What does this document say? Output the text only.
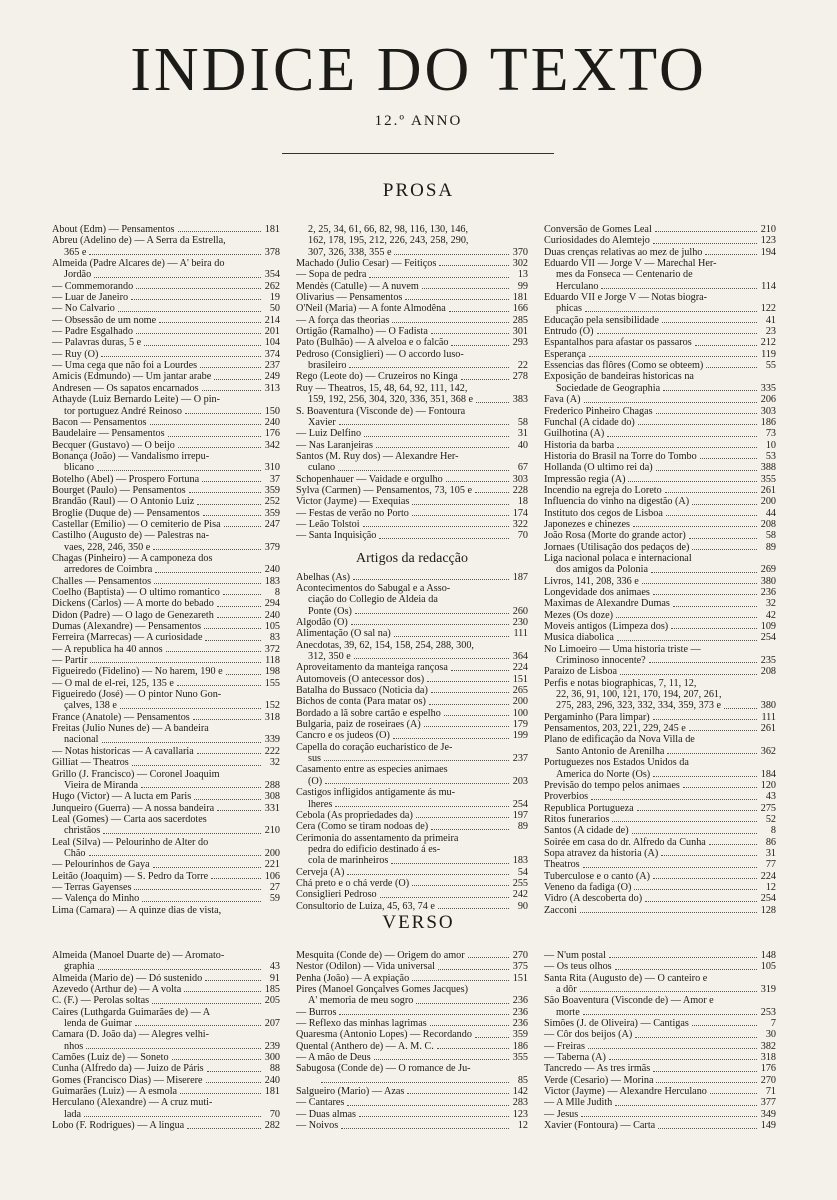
INDICE DO TEXTO
12.º ANNO
PROSA
About (Edm) — Pensamentos	181
Abreu (Adelino de) — A Serra da Estrella,
365 e	378
Almeida (Padre Alcares de) — A' beira do
Jordão	354
— Commemorando	262
— Luar de Janeiro	19
— No Calvario	50
— Obsessão de um nome	214
— Padre Esgalhado	201
— Palavras duras, 5 e	104
— Ruy (O)	374
— Uma cega que não foi a Lourdes	237
Amicis (Edmundo) — Um jantar arabe	249
Andresen — Os sapatos encarnados	313
Athayde (Luiz Bernardo Leite) — O pin-
tor portuguez André Reinoso	150
Bacon — Pensamentos	240
Baudelaire — Pensamentos	176
Becquer (Gustavo) — O beijo	342
Bonança (João) — Vandalismo irrepu-
blicano	310
Botelho (Abel) — Prospero Fortuna	37
Bourget (Paulo) — Pensamentos	359
Brandão (Raul) — O Antonio Luiz	252
Broglie (Duque de) — Pensamentos	359
Castellar (Emilio) — O cemiterio de Pisa	247
Castilho (Augusto de) — Palestras na-
vaes, 228, 246, 350 e	379
Chagas (Pinheiro) — A camponeza dos
arredores de Coimbra	240
Challes — Pensamentos	183
Coelho (Baptista) — O ultimo romantico	8
Dickens (Carlos) — A morte do bebado	294
Didon (Padre) — O lago de Genezareth	240
Dumas (Alexandre) — Pensamentos	105
Ferreira (Marrecas) — A curiosidade	83
— A republica ha 40 annos	372
— Partir	118
Figueiredo (Fidelino) — No harem, 190 e	198
— O mal de el-rei, 125, 135 e	155
Figueiredo (José) — O pintor Nuno Gon-
çalves, 138 e	152
France (Anatole) — Pensamentos	318
Freitas (Julio Nunes de) — A bandeira
nacional	339
— Notas historicas — A cavallaria	222
Gilliat — Theatros	32
Grillo (J. Francisco) — Coronel Joaquim
Vieira de Miranda	288
Hugo (Victor) — A lucta em Paris	308
Junqueiro (Guerra) — A nossa bandeira	331
Leal (Gomes) — Carta aos sacerdotes
christãos	210
Leal (Silva) — Pelourinho de Alter do
Chão	200
— Pelourinhos de Gaya	221
Leitão (Joaquim) — S. Pedro da Torre	106
— Terras Gayenses	27
— Valença do Minho	59
Lima (Camara) — A quinze dias de vista,
2, 25, 34, 61, 66, 82, 98, 116, 130, 146,
162, 178, 195, 212, 226, 243, 258, 290,
307, 326, 338, 355 e	370
Machado (Julio Cesar) — Feitiços	302
— Sopa de pedra	13
Mendès (Catulle) — A nuvem	99
Olivarius — Pensamentos	181
O'Neil (Maria) — A fonte Almodêna	166
— A força das theorias	285
Ortigão (Ramalho) — O Fadista	301
Pato (Bulhão) — A alveloa e o falcão	293
Pedroso (Consiglieri) — O accordo luso-
brasileiro	22
Rego (Leote do) — Cruzeiros no Kinga	278
Ruy — Theatros, 15, 48, 64, 92, 111, 142,
159, 192, 256, 304, 320, 336, 351, 368 e	383
S. Boaventura (Visconde de) — Fontoura
Xavier	58
— Luiz Delfino	31
— Nas Laranjeiras	40
Santos (M. Ruy dos) — Alexandre Her-
culano	67
Schopenhauer — Vaidade e orgulho	303
Sylva (Carmen) — Pensamentos, 73, 105 e	228
Victor (Jayme) — Exequias	18
— Festas de verão no Porto	174
— Leão Tolstoi	322
— Santa Inquisição	70
Artigos da redacção
Abelhas (As)	187
Acontecimentos do Sabugal e a Asso-
ciação do Collegio de Aldeia da
Ponte (Os)	260
Algodão (O)	230
Alimentação (O sal na)	111
Anecdotas, 39, 62, 154, 158, 254, 288, 300,
312, 350 e	364
Aproveitamento da manteiga rançosa	224
Automoveis (O antecessor dos)	151
Batalha do Bussaco (Noticia da)	265
Bichos de conta (Para matar os)	200
Bordado a lã sobre cartão e espelho	100
Bulgaria, paiz de roseiraes (A)	179
Cancro e os judeos (O)	199
Capella do coração eucharistico de Je-
sus	237
Casamento entre as especies animaes
(O)	203
Castigos infligidos antigamente ás mu-
lheres	254
Cebola (As propriedades da)	197
Cera (Como se tiram nodoas de)	89
Cerimonia do assentamento da primeira
pedra do edificio destinado á es-
cola de marinheiros	183
Cerveja (A)	54
Chá preto e o chá verde (O)	255
Consiglieri Pedroso	242
Consultorio de Luiza, 45, 63, 74 e	90
Conversão de Gomes Leal	210
Curiosidades do Alemtejo	123
Duas crenças relativas ao mez de julho	194
Eduardo VII — Jorge V — Marechal Her-
mes da Fonseca — Centenario de
Herculano	114
Eduardo VII e Jorge V — Notas biogra-
phicas	122
Educação pela sensibilidade	41
Entrudo (O)	23
Espantalhos para afastar os passaros	212
Esperança	119
Essencias das flôres (Como se obteem)	55
Exposição de bandeiras historicas na
Sociedade de Geographia	335
Fava (A)	206
Frederico Pinheiro Chagas	303
Funchal (A cidade do)	186
Guilhotina (A)	73
Historia da barba	10
Historia do Brasil na Torre do Tombo	53
Hollanda (O ultimo rei da)	388
Impressão regia (A)	355
Incendio na egreja do Loreto	261
Influencia do vinho na digestão (A)	200
Instituto dos cegos de Lisboa	44
Japonezes e chinezes	208
João Rosa (Morte do grande actor)	58
Jornaes (Utilisação dos pedaços de)	89
Liga nacional polaca e internacional
dos amigos da Polonia	269
Livros, 141, 208, 336 e	380
Longevidade dos animaes	236
Maximas de Alexandre Dumas	32
Mezes (Os doze)	42
Moveis antigos (Limpeza dos)	109
Musica diabolica	254
No Limoeiro — Uma historia triste —
Criminoso innocente?	235
Paraizo de Lisboa	208
Perfis e notas biographicas, 7, 11, 12,
22, 36, 91, 100, 121, 170, 194, 207, 261,
275, 283, 296, 323, 332, 334, 359, 373 e	380
Pergaminho (Para limpar)	111
Pensamentos, 203, 221, 229, 245 e	261
Plano de edificação da Nova Villa de
Santo Antonio de Arenilha	362
Portuguezes nos Estados Unidos da
America do Norte (Os)	184
Previsão do tempo pelos animaes	120
Proverbios	43
Republica Portugueza	275
Ritos funerarios	52
Santos (A cidade de)	8
Soirée em casa do dr. Alfredo da Cunha	86
Sopa atravez da historia (A)	31
Theatros	77
Tuberculose e o canto (A)	224
Veneno da fadiga (O)	12
Vidro (A descoberta do)	254
Zacconi	128
VERSO
Almeida (Manoel Duarte de) — Aromato-
graphia	43
Almeida (Mario de) — Dó sustenido	91
Azevedo (Arthur de) — A volta	185
C. (F.) — Perolas soltas	205
Caires (Luthgarda Guimarães de) — A
lenda de Guimar	207
Camara (D. João da) — Alegres velhi-
nhos	239
Camões (Luiz de) — Soneto	300
Cunha (Alfredo da) — Juizo de Páris	88
Gomes (Francisco Dias) — Miserere	240
Guimarães (Luiz) — A esmola	181
Herculano (Alexandre) — A cruz muti-
lada	70
Lobo (F. Rodrigues) — A lingua	282
Mesquita (Conde de) — Origem do amor	270
Nestor (Odilon) — Vida universal	375
Penha (João) — A expiação	151
Pires (Manoel Gonçalves Gomes Jacques)
A' memoria de meu sogro	236
— Burros	236
— Reflexo das minhas lagrimas	236
Quaresma (Antonio Lopes) — Recordando	359
Quental (Anthero de) — A. M. C.	186
— A mão de Deus	355
Sabugosa (Conde de) — O romance de Ju-
85
Salgueiro (Mario) — Azas	142
— Cantares	283
— Duas almas	123
— Noivos	12
— N'um postal	148
— Os teus olhos	105
Santa Rita (Augusto de) — O canteiro e
a dôr	319
São Boaventura (Visconde de) — Amor e
morte	253
Simões (J. de Oliveira) — Cantigas	7
— Côr dos beijos (A)	30
— Freiras	382
— Taberna (A)	318
Tancredo — As tres irmãs	176
Verde (Cesario) — Morina	270
Victor (Jayme) — Alexandre Herculano	71
— A Mlle Judith	377
— Jesus	349
Xavier (Fontoura) — Carta	149
